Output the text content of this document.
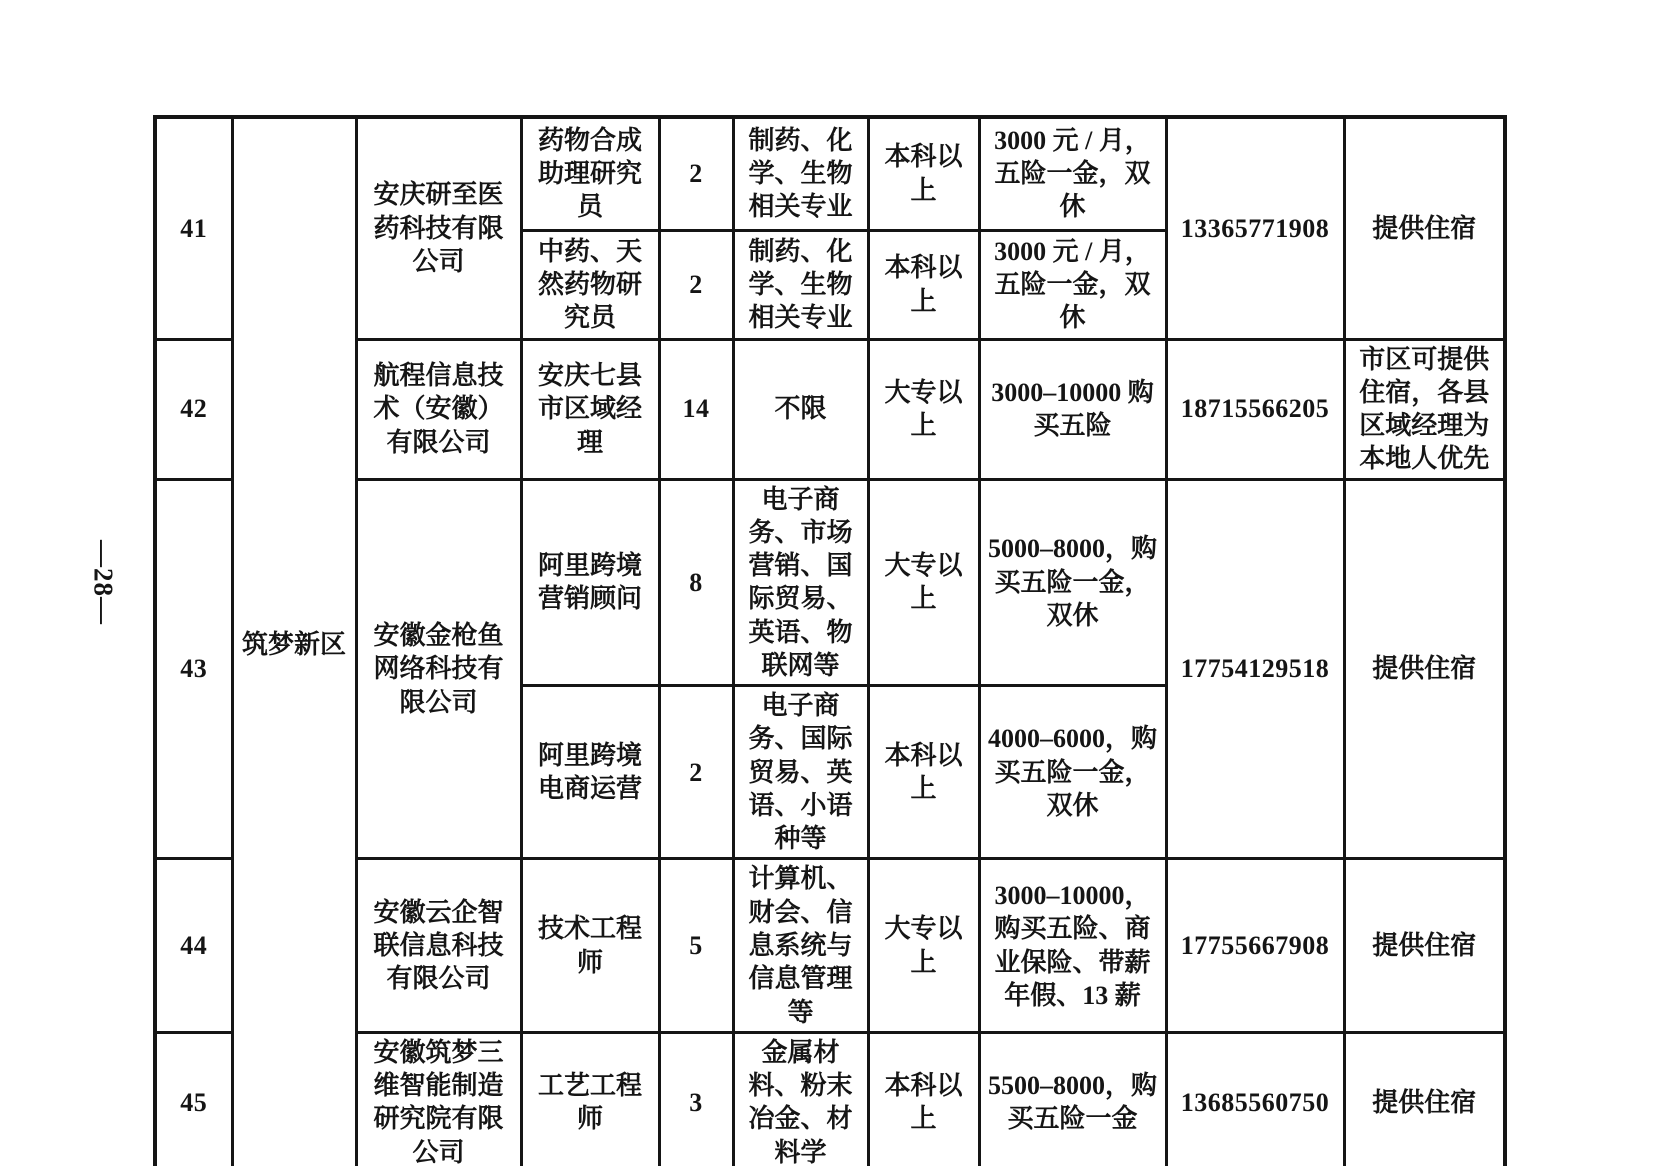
—28—
41	筑梦新区	安庆研至医药科技有限公司	药物合成助理研究员	2	制药、化学、生物相关专业	本科以上	3000 元 / 月，五险一金，双休	13365771908	提供住宿
			中药、天然药物研究员	2	制药、化学、生物相关专业	本科以上	3000 元 / 月，五险一金，双休		
42		航程信息技术（安徽）有限公司	安庆七县市区域经理	14	不限	大专以上	3000–10000 购买五险	18715566205	市区可提供住宿，各县区域经理为本地人优先
43		安徽金枪鱼网络科技有限公司	阿里跨境营销顾问	8	电子商务、市场营销、国际贸易、英语、物联网等	大专以上	5000–8000，购买五险一金，双休	17754129518	提供住宿
			阿里跨境电商运营	2	电子商务、国际贸易、英语、小语种等	本科以上	4000–6000，购买五险一金，双休		
44		安徽云企智联信息科技有限公司	技术工程师	5	计算机、财会、信息系统与信息管理等	大专以上	3000–10000，购买五险、商业保险、带薪年假、13 薪	17755667908	提供住宿
45		安徽筑梦三维智能制造研究院有限公司	工艺工程师	3	金属材料、粉末冶金、材料学	本科以上	5500–8000，购买五险一金	13685560750	提供住宿
